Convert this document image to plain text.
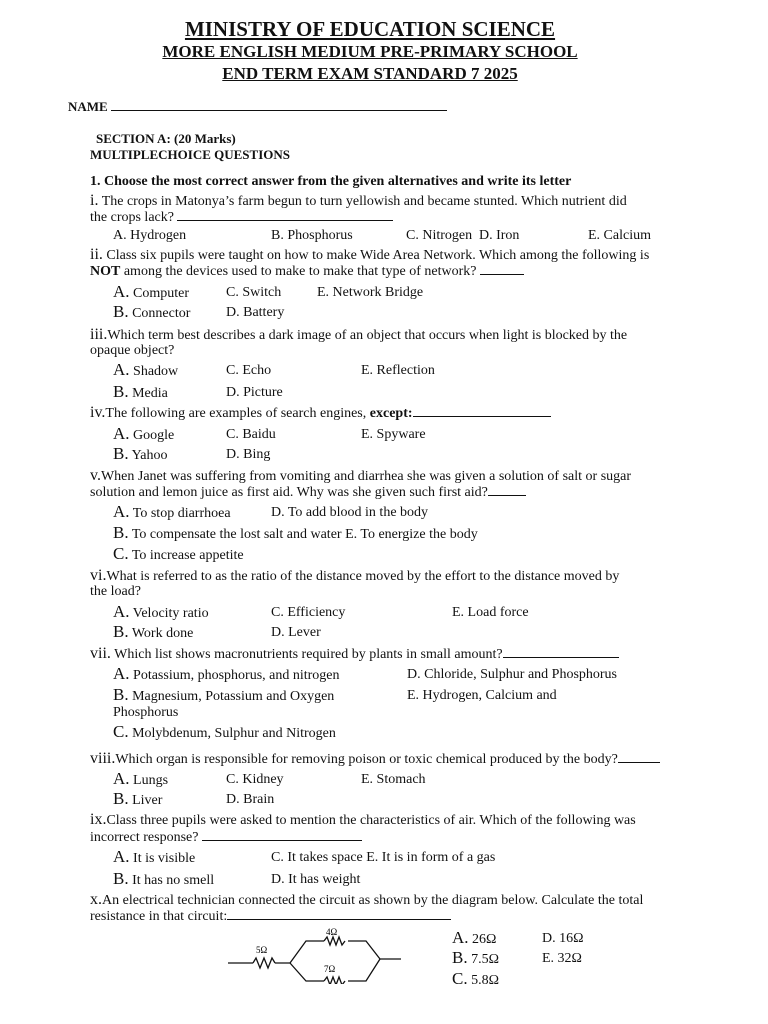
MINISTRY OF EDUCATION SCIENCE
MORE ENGLISH MEDIUM PRE-PRIMARY SCHOOL
END TERM EXAM STANDARD 7 2025
NAME
SECTION A: (20 Marks)
MULTIPLECHOICE QUESTIONS
1. Choose the most correct answer from the given alternatives and write its letter
i. The crops in Matonya’s farm begun to turn yellowish and became stunted. Which nutrient did
the crops lack?
A. Hydrogen	B. Phosphorus	C. Nitrogen D. Iron	E. Calcium
ii. Class six pupils were taught on how to make Wide Area Network. Which among the following is
NOT among the devices used to make to make that type of network?
A. Computer	C. Switch	E. Network Bridge
B. Connector	D. Battery
iii.Which term best describes a dark image of an object that occurs when light is blocked by the
opaque object?
A. Shadow	C. Echo	E. Reflection
B. Media	D. Picture
iv.The following are examples of search engines, except:
A. Google	C. Baidu	E. Spyware
B. Yahoo	D. Bing
v.When Janet was suffering from vomiting and diarrhea she was given a solution of salt or sugar
solution and lemon juice as first aid. Why was she given such first aid?
A. To stop diarrhoea	D. To add blood in the body
B. To compensate the lost salt and water E. To energize the body
C. To increase appetite
vi.What is referred to as the ratio of the distance moved by the effort to the distance moved by
the load?
A. Velocity ratio	C. Efficiency	E. Load force
B. Work done	D. Lever
vii. Which list shows macronutrients required by plants in small amount?
A. Potassium, phosphorus, and nitrogen	D. Chloride, Sulphur and Phosphorus
B. Magnesium, Potassium and Oxygen	E. Hydrogen, Calcium and
Phosphorus
C. Molybdenum, Sulphur and Nitrogen
viii.Which organ is responsible for removing poison or toxic chemical produced by the body?
A. Lungs	C. Kidney	E. Stomach
B. Liver	D. Brain
ix.Class three pupils were asked to mention the characteristics of air. Which of the following was
incorrect response?
A. It is visible	C. It takes space E. It is in form of a gas
B. It has no smell	D. It has weight
x.An electrical technician connected the circuit as shown by the diagram below. Calculate the total
resistance in that circuit:
5Ω
4Ω
7Ω
A. 26Ω	D. 16Ω
B. 7.5Ω	E. 32Ω
C. 5.8Ω
